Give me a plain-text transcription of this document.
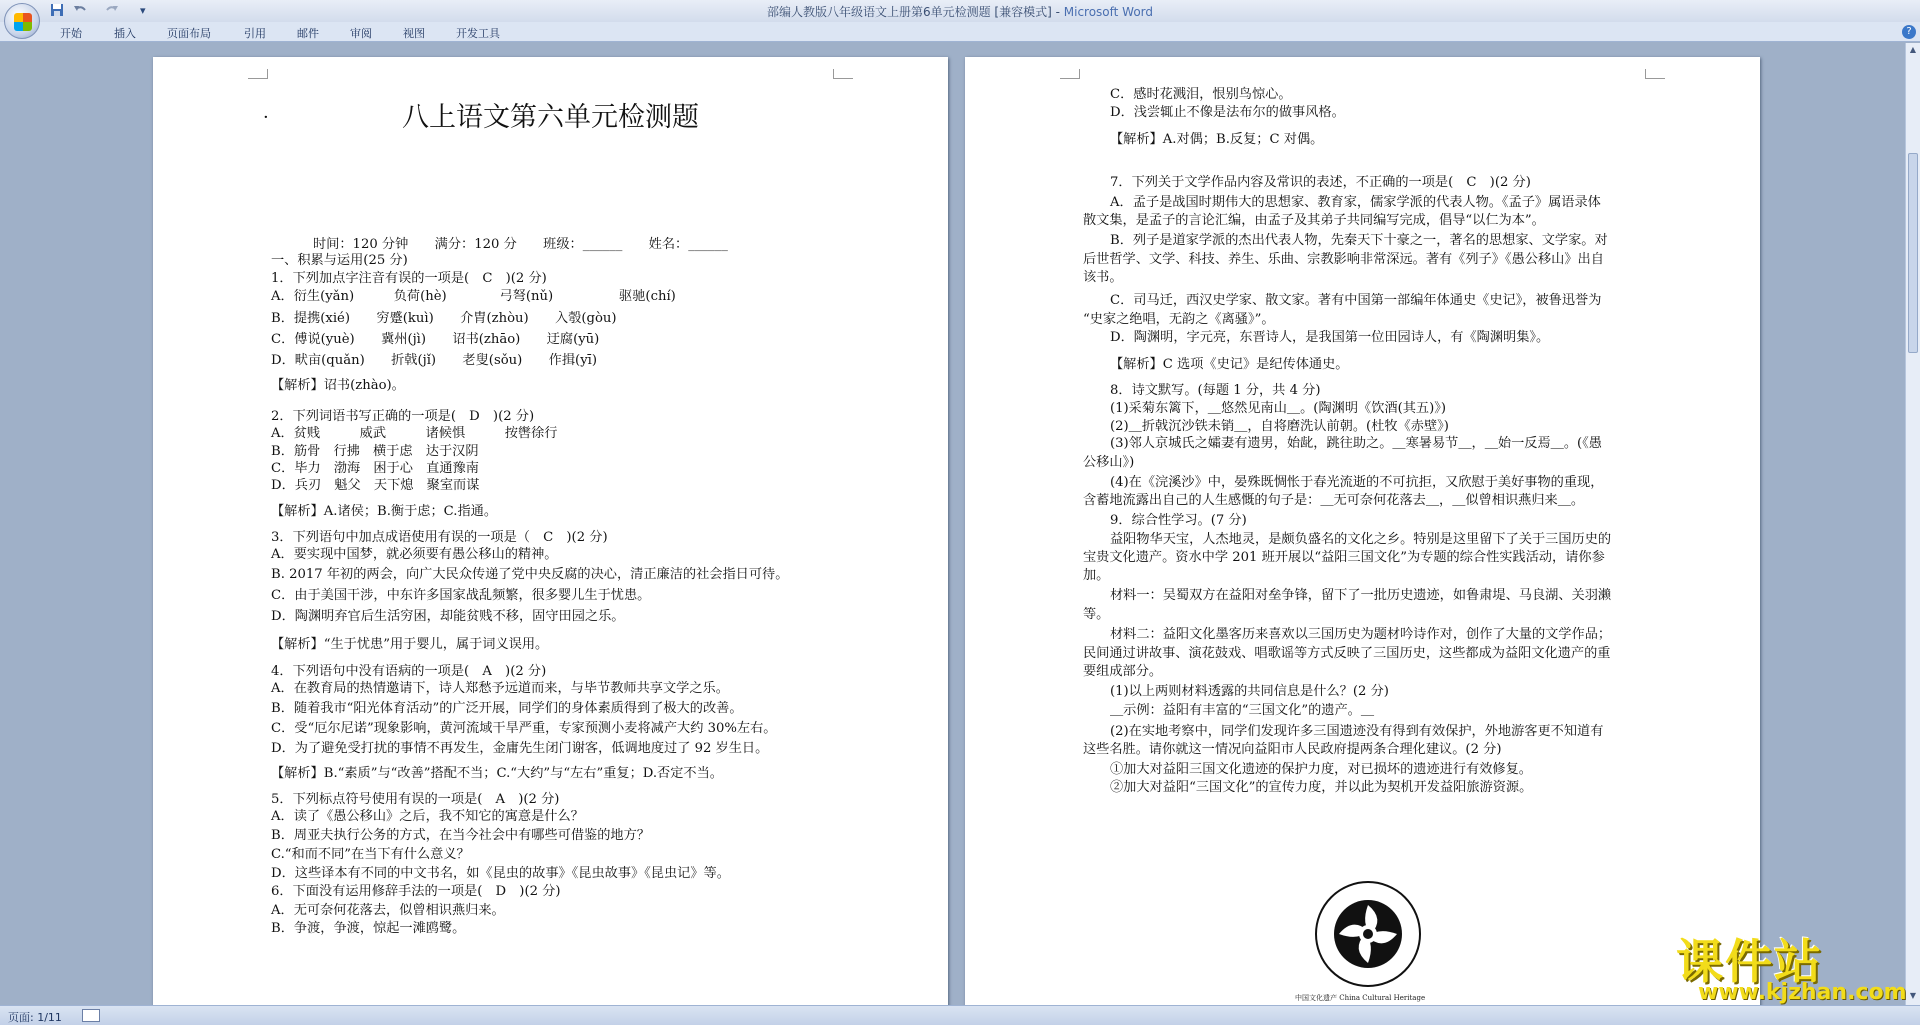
▾	部编人教版八年级语文上册第6单元检测题 [兼容模式] - Microsoft Word
开始	插入	页面布局	引用	邮件	审阅	视图	开发工具	?
·	八上语文第六单元检测题
时间：120 分钟　　满分：120 分　　班级：______　　姓名：______
一、积累与运用(25 分)
1．下列加点字注音有误的一项是(　C　)(2 分)
A．衍生(yǎn)　　　负荷(hè)　　　　弓弩(nǔ)　　　　　驱驰(chí)
B．提携(xié)　　穷蹙(kuì)　　介胄(zhòu)　　入彀(gòu)
C．傅说(yuè)　　冀州(jì)　　诏书(zhāo)　　迂腐(yū)
D．畎亩(quǎn)　　折戟(jǐ)　　老叟(sǒu)　　作揖(yī)
【解析】诏书(zhào)。
2．下列词语书写正确的一项是(　D　)(2 分)
A．贫贱　　　威武　　　诸候惧　　　按辔徐行
B．筋骨　行拂　横于虑　达于汉阴
C．毕力　渤海　困于心　直通豫南
D．兵刃　魁父　天下熄　聚室而谋
【解析】A.诸侯；B.衡于虑；C.指通。
3．下列语句中加点成语使用有误的一项是（　C　)(2 分)
A．要实现中国梦，就必须要有愚公移山的精神。
B. 2017 年初的两会，向广大民众传递了党中央反腐的决心，清正廉洁的社会指日可待。
C．由于美国干涉，中东许多国家战乱频繁，很多婴儿生于忧患。
D．陶渊明弃官后生活穷困，却能贫贱不移，固守田园之乐。
【解析】“生于忧患”用于婴儿，属于词义误用。
4．下列语句中没有语病的一项是(　A　)(2 分)
A．在教育局的热情邀请下，诗人郑愁予远道而来，与毕节教师共享文学之乐。
B．随着我市“阳光体育活动”的广泛开展，同学们的身体素质得到了极大的改善。
C．受“厄尔尼诺”现象影响，黄河流域干旱严重，专家预测小麦将减产大约 30%左右。
D．为了避免受打扰的事情不再发生，金庸先生闭门谢客，低调地度过了 92 岁生日。
【解析】B.“素质”与“改善”搭配不当；C.“大约”与“左右”重复；D.否定不当。
5．下列标点符号使用有误的一项是(　A　)(2 分)
A．读了《愚公移山》之后，我不知它的寓意是什么？
B．周亚夫执行公务的方式，在当今社会中有哪些可借鉴的地方？
C.“和而不同”在当下有什么意义？
D．这些译本有不同的中文书名，如《昆虫的故事》《昆虫故事》《昆虫记》等。
6．下面没有运用修辞手法的一项是(　D　)(2 分)
A．无可奈何花落去，似曾相识燕归来。
B．争渡，争渡，惊起一滩鸥鹭。
C．感时花溅泪，恨别鸟惊心。
D．浅尝辄止不像是法布尔的做事风格。
【解析】A.对偶；B.反复；C 对偶。
7．下列关于文学作品内容及常识的表述，不正确的一项是(　C　)(2 分)
A．孟子是战国时期伟大的思想家、教育家，儒家学派的代表人物。《孟子》属语录体
散文集，是孟子的言论汇编，由孟子及其弟子共同编写完成，倡导“以仁为本”。
B．列子是道家学派的杰出代表人物，先秦天下十豪之一，著名的思想家、文学家。对
后世哲学、文学、科技、养生、乐曲、宗教影响非常深远。著有《列子》《愚公移山》出自
该书。
C．司马迁，西汉史学家、散文家。著有中国第一部编年体通史《史记》，被鲁迅誉为
“史家之绝唱，无韵之《离骚》”。
D．陶渊明，字元亮，东晋诗人，是我国第一位田园诗人，有《陶渊明集》。
【解析】C 选项《史记》是纪传体通史。
8．诗文默写。(每题 1 分，共 4 分)
(1)采菊东篱下，＿悠然见南山＿。(陶渊明《饮酒(其五)》)
(2)＿折戟沉沙铁未销＿，自将磨洗认前朝。(杜牧《赤壁》)
(3)邻人京城氏之孀妻有遗男，始龀，跳往助之。＿寒暑易节＿，＿始一反焉＿。(《愚
公移山》)
(4)在《浣溪沙》中，晏殊既惆怅于春光流逝的不可抗拒，又欣慰于美好事物的重现，
含蓄地流露出自己的人生感慨的句子是：＿无可奈何花落去＿，＿似曾相识燕归来＿。
9．综合性学习。(7 分)
益阳物华天宝，人杰地灵，是颇负盛名的文化之乡。特别是这里留下了关于三国历史的
宝贵文化遗产。资水中学 201 班开展以“益阳三国文化”为专题的综合性实践活动，请你参
加。
材料一：吴蜀双方在益阳对垒争锋，留下了一批历史遗迹，如鲁肃堤、马良湖、关羽濑
等。
材料二：益阳文化墨客历来喜欢以三国历史为题材吟诗作对，创作了大量的文学作品；
民间通过讲故事、演花鼓戏、唱歌谣等方式反映了三国历史，这些都成为益阳文化遗产的重
要组成部分。
(1)以上两则材料透露的共同信息是什么？(2 分)
＿示例：益阳有丰富的“三国文化”的遗产。＿
(2)在实地考察中，同学们发现许多三国遗迹没有得到有效保护，外地游客更不知道有
这些名胜。请你就这一情况向益阳市人民政府提两条合理化建议。(2 分)
①加大对益阳三国文化遗迹的保护力度，对已损坏的遗迹进行有效修复。
②加大对益阳“三国文化”的宣传力度，并以此为契机开发益阳旅游资源。
中国文化遗产 China Cultural Heritage
▲
▼
页面: 1/11
课件站
www.kjzhan.com
